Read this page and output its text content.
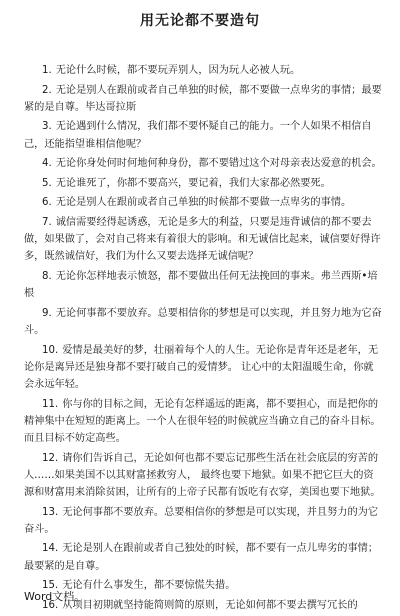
用无论都不要造句

1. 无论什么时候，都不要玩弄别人，因为玩人必被人玩。

2. 无论是别人在跟前或者自己单独的时候，都不要做一点卑劣的事情；最要紧的是自尊。毕达哥拉斯

3. 无论遇到什么情况，我们都不要怀疑自己的能力。一个人如果不相信自己，还能指望谁相信他呢？

4. 无论你身处何时何地何种身份，都不要错过这个对母亲表达爱意的机会。

5. 无论谁死了，你都不要高兴，要记着，我们大家都必然要死。

6. 无论是别人在跟前或者自己单独的时候都不要做一点卑劣的事情。

7. 诚信需要经得起诱惑，无论是多大的利益，只要是违背诚信的都不要去做，如果做了，会对自己将来有着很大的影响。和无诚信比起来，诚信要好得许多，既然诚信好，我们为什么又要去选择无诚信呢？

8. 无论你怎样地表示愤怒，都不要做出任何无法挽回的事来。弗兰西斯•培根

9. 无论何事都不要放弃。总要相信你的梦想是可以实现，并且努力地为它奋斗。

10. 爱情是最美好的梦，壮丽着每个人的人生。无论你是青年还是老年，无论你是离异还是独身都不要打破自己的爱情梦。 让心中的太阳温暖生命，你就会永远年轻。

11. 你与你的目标之间，无论有怎样遥远的距离，都不要担心，而是把你的精神集中在短短的距离上。一个人在很年轻的时候就应当确立自己的奋斗目标。而且目标不妨定高些。

12. 请你们告诉自己，无论如何也都不要忘记那些生活在社会底层的穷苦的人……如果美国不以其财富拯救穷人， 最终也要下地狱。如果不把它巨大的资源和财富用来消除贫困，让所有的上帝子民都有饭吃有衣穿，美国也要下地狱。

13. 无论何事都不要放弃。总要相信你的梦想是可以实现，并且努力的为它奋斗。

14. 无论是别人在跟前或者自己独处的时候，都不要有一点儿卑劣的事情；最要紧的是自尊。

15. 无论有什么事发生，都不要惊慌失措。

16. 从项目初期就坚持能简则简的原则，无论如何都不要去撰写冗长的

Word文档。
